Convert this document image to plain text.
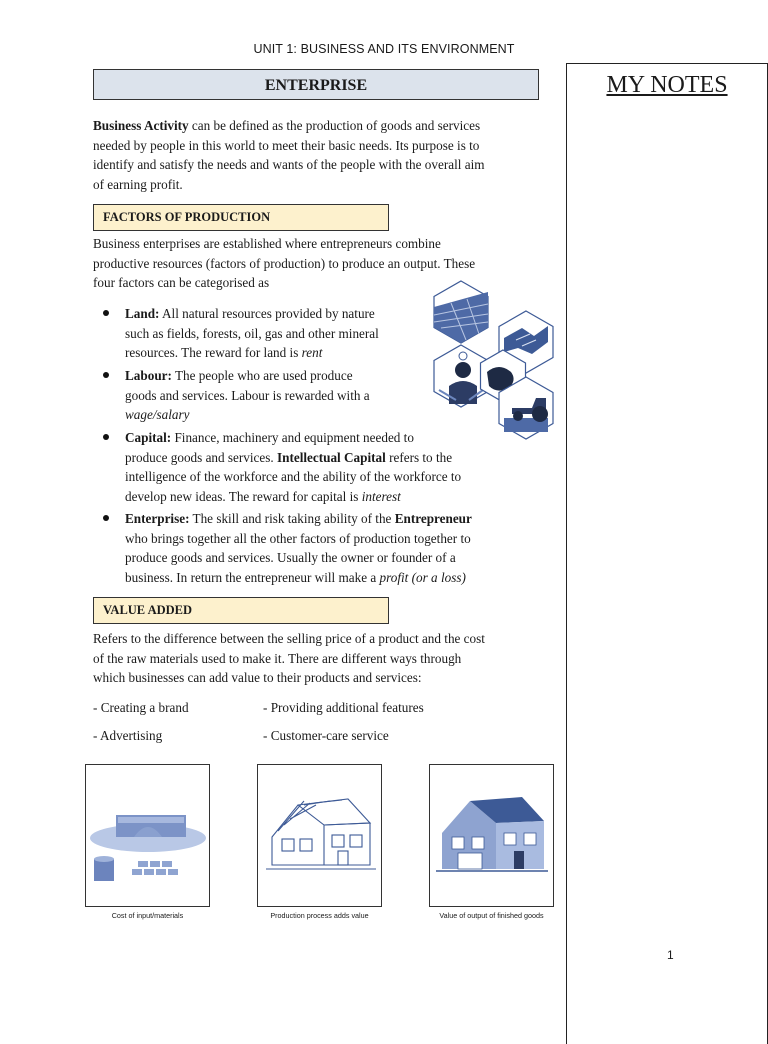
UNIT 1: BUSINESS AND ITS ENVIRONMENT
MY NOTES
1
ENTERPRISE
Business Activity can be defined as the production of goods and services
needed by people in this world to meet their basic needs. Its purpose is to
identify and satisfy the needs and wants of the people with the overall aim
of earning profit.
FACTORS OF PRODUCTION
Business enterprises are established where entrepreneurs combine
productive resources (factors of production) to produce an output. These
four factors can be categorised as
Land: All natural resources provided by nature
such as fields, forests, oil, gas and other mineral
resources. The reward for land is rent
Labour: The people who are used produce
goods and services. Labour is rewarded with a
wage/salary
Capital: Finance, machinery and equipment needed to
produce goods and services. Intellectual Capital refers to the
intelligence of the workforce and the ability of the workforce to
develop new ideas. The reward for capital is interest
Enterprise: The skill and risk taking ability of the Entrepreneur
who brings together all the other factors of production together to
produce goods and services. Usually the owner or founder of a
business. In return the entrepreneur will make a profit (or a loss)
VALUE ADDED
Refers to the difference between the selling price of a product and the cost
of the raw materials used to make it. There are different ways through
which businesses can add value to their products and services:
- Creating a brand	- Providing additional features
- Advertising	- Customer-care service
Cost of input/materials	Production process adds value	Value of output of finished goods
